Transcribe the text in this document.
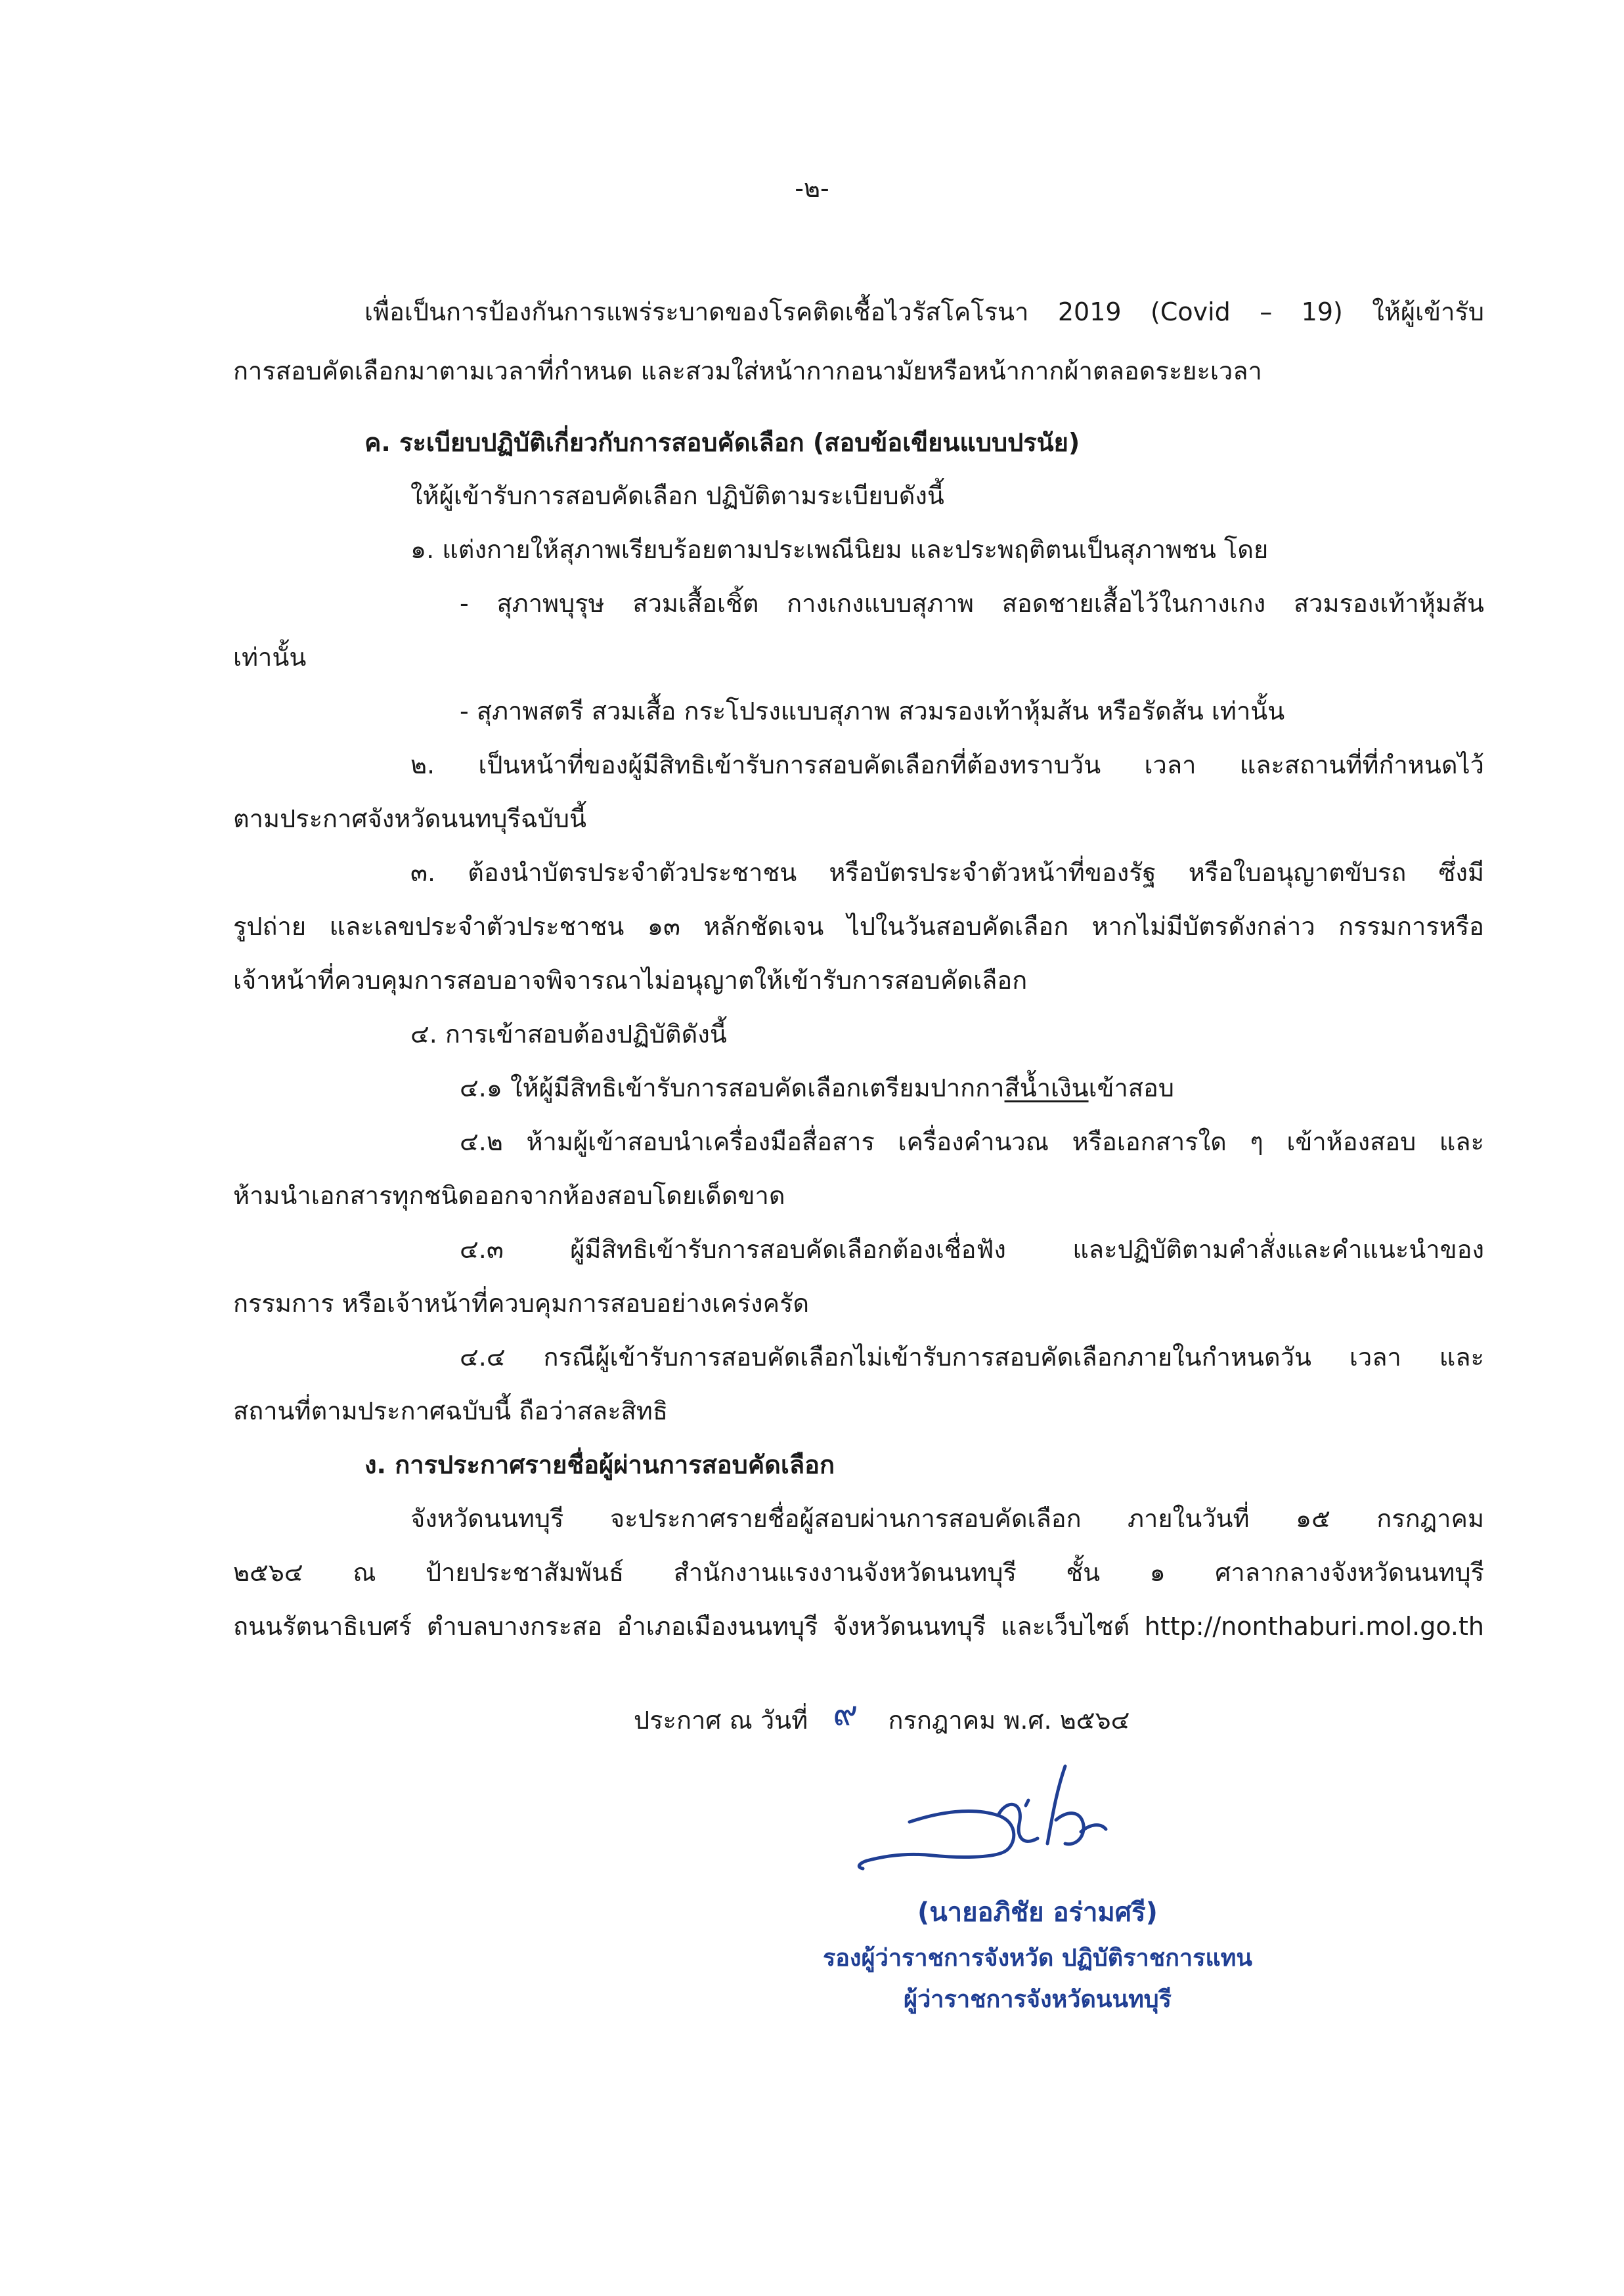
-๒-
เพื่อเป็นการป้องกันการแพร่ระบาดของโรคติดเชื้อไวรัสโคโรนา 2019 (Covid – 19) ให้ผู้เข้ารับ
การสอบคัดเลือกมาตามเวลาที่กำหนด และสวมใส่หน้ากากอนามัยหรือหน้ากากผ้าตลอดระยะเวลา
ค. ระเบียบปฏิบัติเกี่ยวกับการสอบคัดเลือก (สอบข้อเขียนแบบปรนัย)
ให้ผู้เข้ารับการสอบคัดเลือก ปฏิบัติตามระเบียบดังนี้
๑. แต่งกายให้สุภาพเรียบร้อยตามประเพณีนิยม และประพฤติตนเป็นสุภาพชน โดย
- สุภาพบุรุษ สวมเสื้อเชิ้ต กางเกงแบบสุภาพ สอดชายเสื้อไว้ในกางเกง สวมรองเท้าหุ้มส้น
เท่านั้น
- สุภาพสตรี สวมเสื้อ กระโปรงแบบสุภาพ สวมรองเท้าหุ้มส้น หรือรัดส้น เท่านั้น
๒. เป็นหน้าที่ของผู้มีสิทธิเข้ารับการสอบคัดเลือกที่ต้องทราบวัน เวลา และสถานที่ที่กำหนดไว้
ตามประกาศจังหวัดนนทบุรีฉบับนี้
๓. ต้องนำบัตรประจำตัวประชาชน หรือบัตรประจำตัวหน้าที่ของรัฐ หรือใบอนุญาตขับรถ ซึ่งมี
รูปถ่าย และเลขประจำตัวประชาชน ๑๓ หลักชัดเจน ไปในวันสอบคัดเลือก หากไม่มีบัตรดังกล่าว กรรมการหรือ
เจ้าหน้าที่ควบคุมการสอบอาจพิจารณาไม่อนุญาตให้เข้ารับการสอบคัดเลือก
๔. การเข้าสอบต้องปฏิบัติดังนี้
๔.๑ ให้ผู้มีสิทธิเข้ารับการสอบคัดเลือกเตรียมปากกาสีน้ำเงินเข้าสอบ
๔.๒ ห้ามผู้เข้าสอบนำเครื่องมือสื่อสาร เครื่องคำนวณ หรือเอกสารใด ๆ เข้าห้องสอบ และ
ห้ามนำเอกสารทุกชนิดออกจากห้องสอบโดยเด็ดขาด
๔.๓ ผู้มีสิทธิเข้ารับการสอบคัดเลือกต้องเชื่อฟัง และปฏิบัติตามคำสั่งและคำแนะนำของ
กรรมการ หรือเจ้าหน้าที่ควบคุมการสอบอย่างเคร่งครัด
๔.๔ กรณีผู้เข้ารับการสอบคัดเลือกไม่เข้ารับการสอบคัดเลือกภายในกำหนดวัน เวลา และ
สถานที่ตามประกาศฉบับนี้ ถือว่าสละสิทธิ
ง. การประกาศรายชื่อผู้ผ่านการสอบคัดเลือก
จังหวัดนนทบุรี จะประกาศรายชื่อผู้สอบผ่านการสอบคัดเลือก ภายในวันที่ ๑๕ กรกฎาคม
๒๕๖๔ ณ ป้ายประชาสัมพันธ์ สำนักงานแรงงานจังหวัดนนทบุรี ชั้น ๑ ศาลากลางจังหวัดนนทบุรี
ถนนรัตนาธิเบศร์ ตำบลบางกระสอ อำเภอเมืองนนทบุรี จังหวัดนนทบุรี และเว็บไซต์ http://nonthaburi.mol.go.th
ประกาศ ณ วันที่ ๙ กรกฎาคม พ.ศ. ๒๕๖๔
(นายอภิชัย อร่ามศรี)
รองผู้ว่าราชการจังหวัด ปฏิบัติราชการแทน
ผู้ว่าราชการจังหวัดนนทบุรี
